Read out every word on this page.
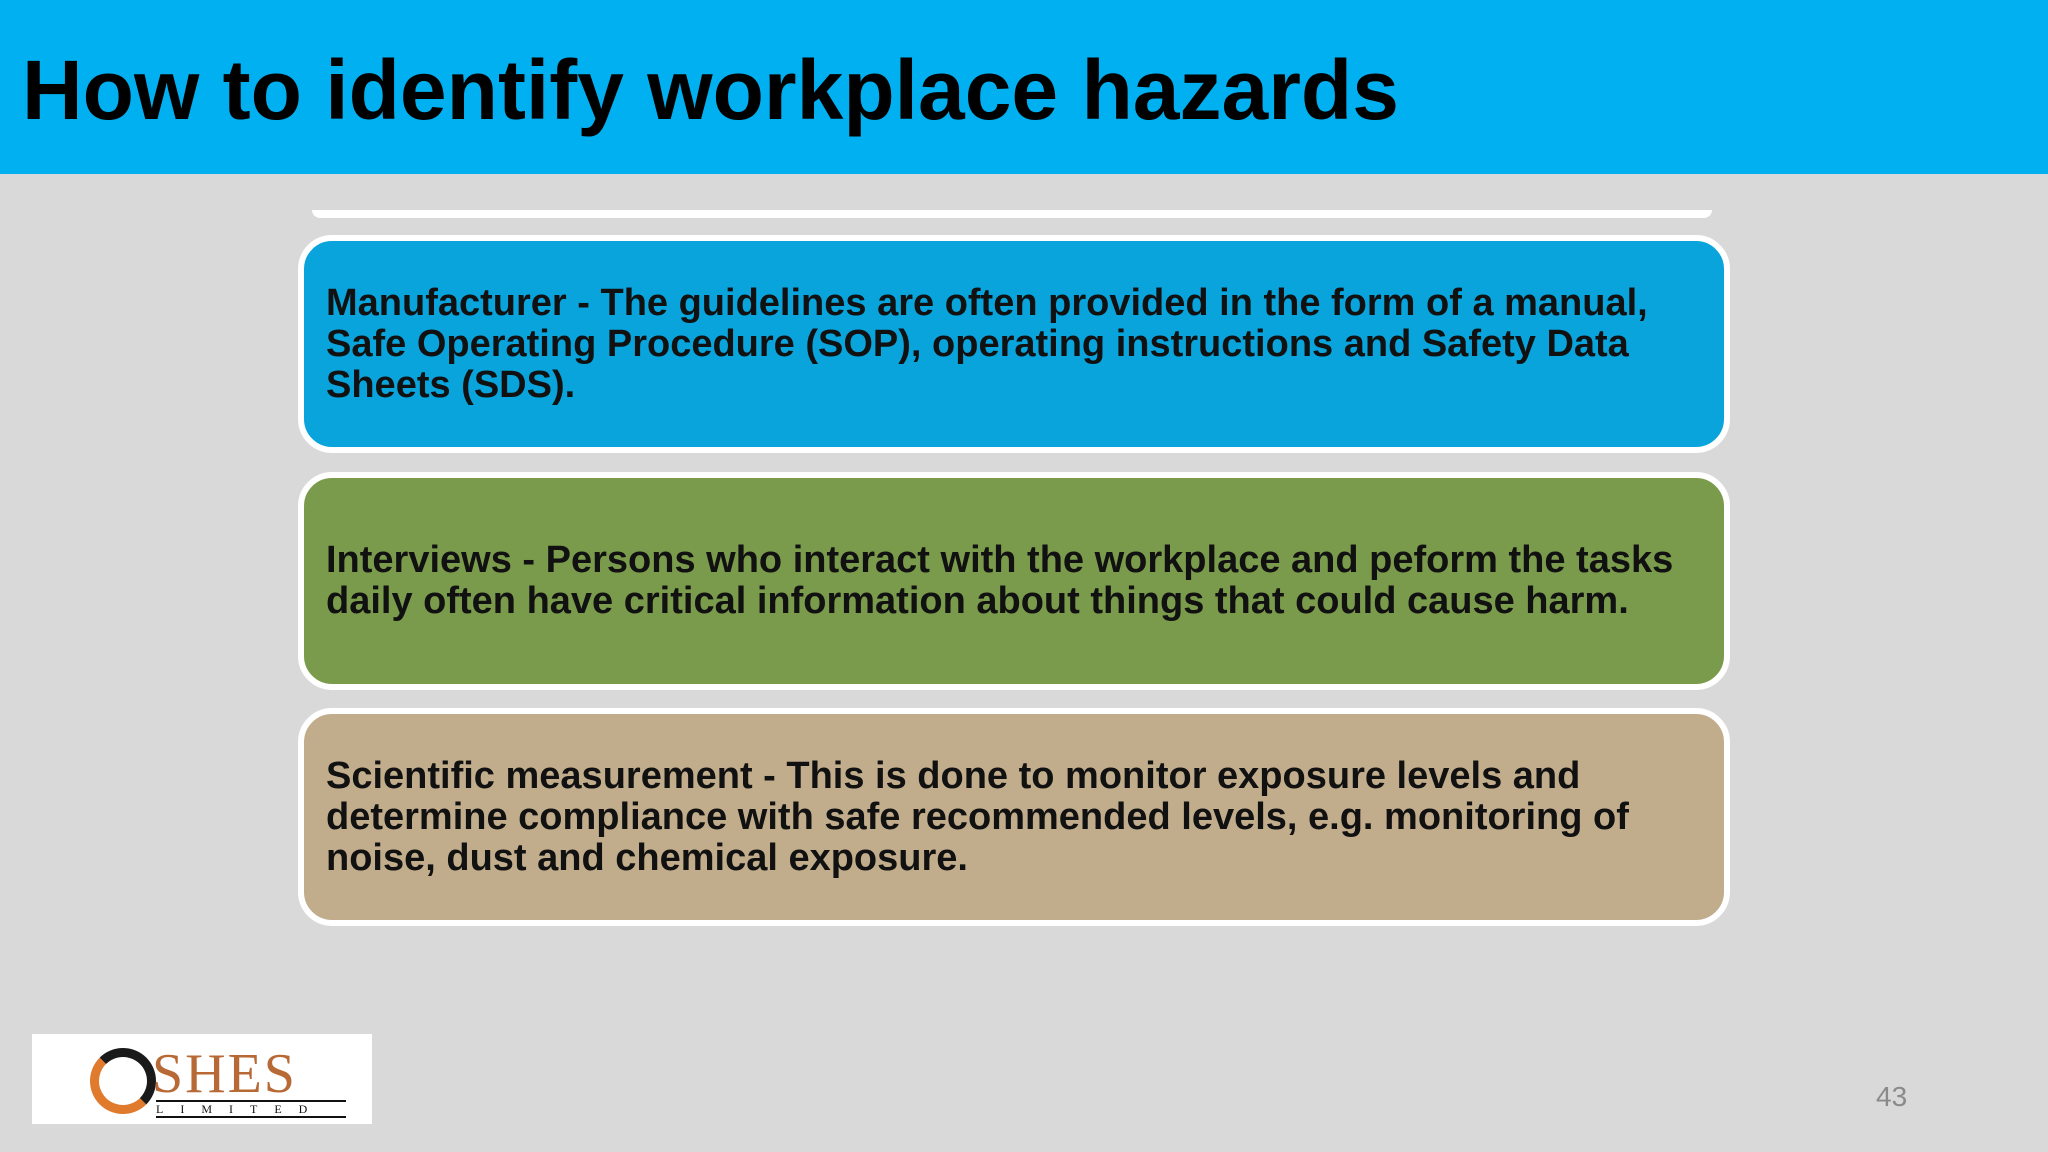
How to identify workplace hazards

Manufacturer - The guidelines are often provided in the form of a manual, Safe Operating Procedure (SOP), operating instructions and Safety Data Sheets (SDS).

Interviews - Persons who interact with the workplace and peform the tasks daily often have critical information about things that could cause harm.

Scientific measurement - This is done to monitor exposure levels and determine compliance with safe recommended levels, e.g. monitoring of noise, dust and chemical exposure.

SHES
LIMITED	43
